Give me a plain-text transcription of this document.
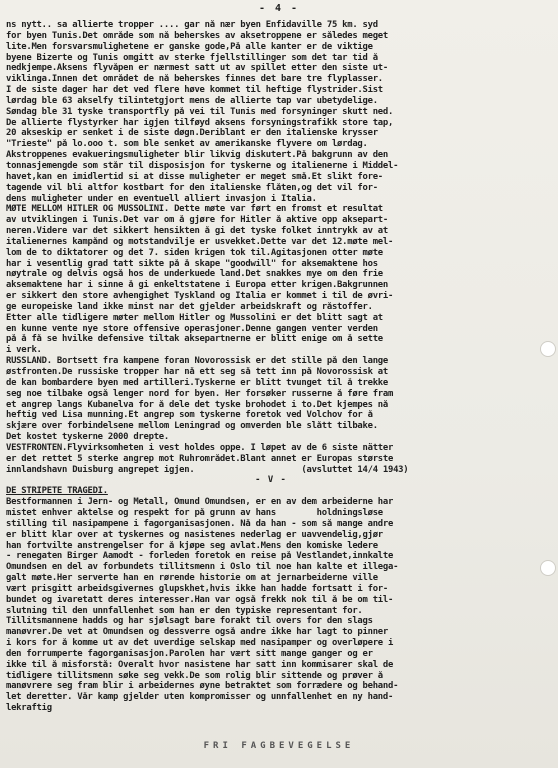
- 4 -
ns nytt.. sa allierte tropper .... gar nå nær byen Enfidaville 75 km. syd
for byen Tunis.Det område som nå beherskes av aksetroppene er således meget
lite.Men forsvarsmulighetene er ganske gode,På alle kanter er de viktige
byene Bizerte og Tunis omgitt av sterke fjellstillinger som det tar tid å
nedkjempe.Aksens flyvåpen er nærmest satt ut av spillet etter den siste ut-
viklinga.Innen det området de nå beherskes finnes det bare tre flyplasser.
I de siste dager har det ved flere høve kommet til heftige flystrider.Sist
lørdag ble 63 akselfy tilintetgjort mens de allierte tap var ubetydelige.
Søndag ble 31 tyske transportfly på vei til Tunis med forsyninger skutt ned.
De allierte flystyrker har igjen tilføyd aksens forsyningstrafikk store tap,
20 akseskip er senket i de siste døgn.Deriblant er den italienske krysser
"Trieste" på lo.ooo t. som ble senket av amerikanske flyvere om lørdag.
Akstroppenes evakueringsmuligheter blir likvig diskutert.På bakgrunn av den
tonnasjemengde som står til disposisjon for tyskerne og italienerne i Middel-
havet,kan en imidlertid si at disse muligheter er meget små.Et slikt fore-
tagende vil bli altfor kostbart for den italienske flåten,og det vil for-
dens muligheter under en eventuell alliert invasjon i Italia.
MØTE MELLOM HITLER OG MUSSOLINI. Dette møte var ført en fromst et resultat
av utviklingen i Tunis.Det var om å gjøre for Hitler å aktive opp aksepart-
neren.Videre var det sikkert hensikten å gi det tyske folket inntrykk av at
italienernes kampånd og motstandvilje er usvekket.Dette var det 12.møte mel-
lom de to diktatorer og det 7. siden krigen tok til.Agitasjonen otter møte
har i vesentlig grad tatt sikte på å skape "goodwill" for aksemaktene hos
nøytrale og delvis også hos de underkuede land.Det snakkes mye om den frie
aksemaktene har i sinne å gi enkeltstatene i Europa etter krigen.Bakgrunnen
er sikkert den store avhengighet Tyskland og Italia er kommet i til de øvri-
ge europeiske land ikke minst nar det gjelder arbeidskraft og råstoffer.
Etter alle tidligere møter mellom Hitler og Mussolini er det blitt sagt at
en kunne vente nye store offensive operasjoner.Denne gangen venter verden
på å få se hvilke defensive tiltak aksepartnerne er blitt enige om å sette
i verk.
RUSSLAND. Bortsett fra kampene foran Novorossisk er det stille på den lange
østfronten.De russiske tropper har nå ett seg så tett inn på Novorossisk at
de kan bombardere byen med artilleri.Tyskerne er blitt tvunget til å trekke
seg noe tilbake også lenger nord for byen. Her forsøker russerne å føre fram
et angrep langs Kubanelva for å dele det tyske brohodet i to.Det kjempes nå
heftig ved Lisa munning.Et angrep som tyskerne foretok ved Volchov for å
skjære over forbindelsene mellom Leningrad og omverden ble slått tilbake.
Det kostet tyskerne 2000 drepte.
VESTFRONTEN.Flyvirksomheten i vest holdes oppe. I løpet av de 6 siste nätter
er det rettet 5 sterke angrep mot Ruhrområdet.Blant annet er Europas største
innlandshavn Duisburg angrepet igjen.                     (avsluttet 14/4 1943)
- V -
DE STRIPETE TRAGEDI.
Bestformannen i Jern- og Metall, Omund Omundsen, er en av dem arbeiderne har
mistet enhver aktelse og respekt for på grunn av hans        holdningsløse
stilling til nasipampene i fagorganisasjonen. Nå da han - som så mange andre
er blitt klar over at tyskernes og nasistenes nederlag er uavvendelig,gjør
han fortvilte anstrengelser for å kjøpe seg avlat.Mens den komiske ledere
- renegaten Birger Aamodt - forleden foretok en reise på Vestlandet,innkalte
Omundsen en del av forbundets tillitsmenn i Oslo til noe han kalte et illega-
galt møte.Her serverte han en rørende historie om at jernarbeiderne ville
vært prisgitt arbeidsgivernes glupskhet,hvis ikke han hadde fortsatt i for-
bundet og ivaretatt deres interesser.Han var også frekk nok til å be om til-
slutning til den unnfallenhet som han er den typiske representant for.
Tillitsmannene hadds og har sjølsagt bare forakt til overs for den slags
manøvrer.De vet at Omundsen og dessverre også andre ikke har lagt to pinner
i kors for å komme ut av det uverdige selskap med nasipamper og overløpere i
den forrumperte fagorganisasjon.Parolen har vært sitt mange ganger og er
ikke til å misforstå: Overalt hvor nasistene har satt inn kommisarer skal de
tidligere tillitsmenn søke seg vekk.De som rolig blir sittende og prøver å
manøvrere seg fram blir i arbeidernes øyne betraktet som forrædere og behand-
let deretter. Vår kamp gjelder uten kompromisser og unnfallenhet en ny hand-
lekraftig
FRI FAGBEVEGELSE
